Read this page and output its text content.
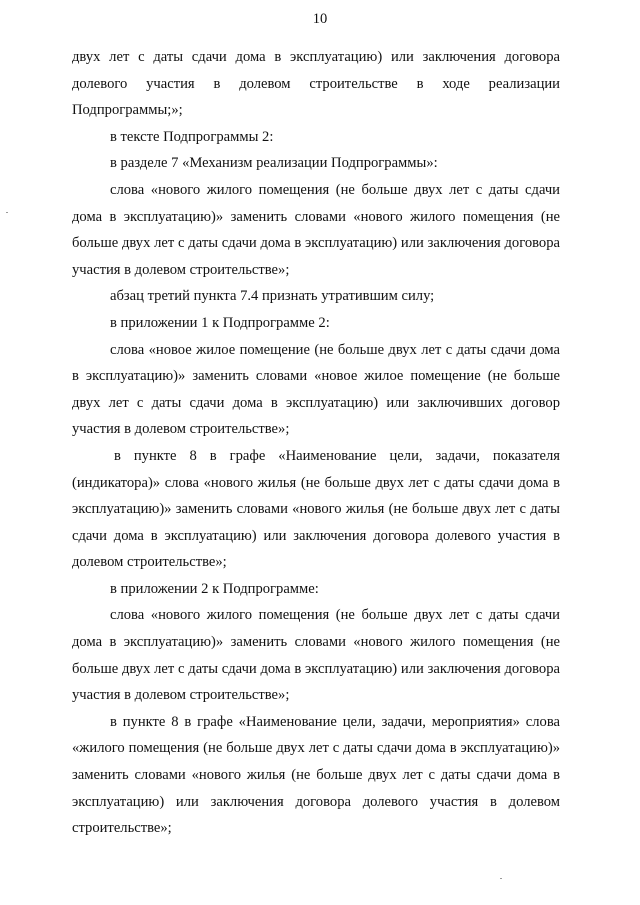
10

двух лет с даты сдачи дома в эксплуатацию) или заключения договора долевого участия в долевом строительстве в ходе реализации Подпрограммы;»;

в тексте Подпрограммы 2:

в разделе 7 «Механизм реализации Подпрограммы»:

слова «нового жилого помещения (не больше двух лет с даты сдачи дома в эксплуатацию)» заменить словами «нового жилого помещения (не больше двух лет с даты сдачи дома в эксплуатацию) или заключения договора участия в долевом строительстве»;

абзац третий пункта 7.4 признать утратившим силу;

в приложении 1 к Подпрограмме 2:

слова «новое жилое помещение (не больше двух лет с даты сдачи дома в эксплуатацию)» заменить словами «новое жилое помещение (не больше двух лет с даты сдачи дома в эксплуатацию) или заключивших договор участия в долевом строительстве»;

в пункте 8 в графе «Наименование цели, задачи, показателя (индикатора)» слова «нового жилья (не больше двух лет с даты сдачи дома в эксплуатацию)» заменить словами «нового жилья (не больше двух лет с даты сдачи дома в эксплуатацию) или заключения договора долевого участия в долевом строительстве»;

в приложении 2 к Подпрограмме:

слова «нового жилого помещения (не больше двух лет с даты сдачи дома в эксплуатацию)» заменить словами «нового жилого помещения (не больше двух лет с даты сдачи дома в эксплуатацию) или заключения договора участия в долевом строительстве»;

в пункте 8 в графе «Наименование цели, задачи, мероприятия» слова «жилого помещения (не больше двух лет с даты сдачи дома в эксплуатацию)» заменить словами «нового жилья (не больше двух лет с даты сдачи дома в эксплуатацию) или заключения договора долевого участия в долевом строительстве»;
